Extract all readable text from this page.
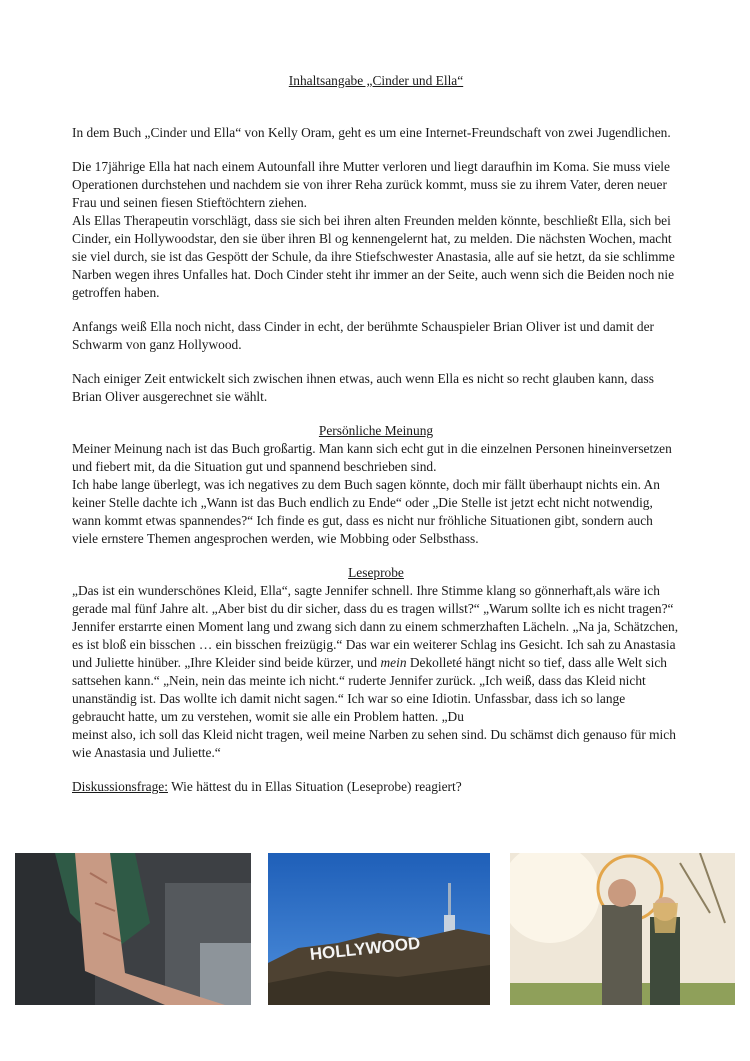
Inhaltsangabe „Cinder und Ella“

In dem Buch „Cinder und Ella“ von Kelly Oram, geht es um eine Internet-Freundschaft von zwei Jugendlichen.

Die 17jährige Ella hat nach einem Autounfall ihre Mutter verloren und liegt daraufhin im Koma. Sie muss viele Operationen durchstehen und nachdem sie von ihrer Reha zurück kommt, muss sie zu ihrem Vater, deren neuer Frau und seinen fiesen Stieftöchtern ziehen.

Als Ellas Therapeutin vorschlägt, dass sie sich bei ihren alten Freunden melden könnte, beschließt Ella, sich bei Cinder, ein Hollywoodstar, den sie über ihren Bl og kennengelernt hat, zu melden. Die nächsten Wochen, macht sie viel durch, sie ist das Gespött der Schule, da ihre Stiefschwester Anastasia, alle auf sie hetzt, da sie schlimme Narben wegen ihres Unfalles hat. Doch Cinder steht ihr immer an der Seite, auch wenn sich die Beiden noch nie getroffen haben.

Anfangs weiß Ella noch nicht, dass Cinder in echt, der berühmte Schauspieler Brian Oliver ist und damit der Schwarm von ganz Hollywood.

Nach einiger Zeit entwickelt sich zwischen ihnen etwas, auch wenn Ella es nicht so recht glauben kann, dass Brian Oliver ausgerechnet sie wählt.

Persönliche Meinung

Meiner Meinung nach ist das Buch großartig. Man kann sich echt gut in die einzelnen Personen hineinversetzen und fiebert mit, da die Situation gut und spannend beschrieben sind.

Ich habe lange überlegt, was ich negatives zu dem Buch sagen könnte, doch mir fällt überhaupt nichts ein. An keiner Stelle dachte ich „Wann ist das Buch endlich zu Ende“ oder „Die Stelle ist jetzt echt nicht notwendig, wann kommt etwas spannendes?“ Ich finde es gut, dass es nicht nur fröhliche Situationen gibt, sondern auch viele ernstere Themen angesprochen werden, wie Mobbing oder Selbsthass.

Leseprobe

„Das ist ein wunderschönes Kleid, Ella“, sagte Jennifer schnell. Ihre Stimme klang so gönnerhaft,als wäre ich gerade mal fünf Jahre alt. „Aber bist du dir sicher, dass du es tragen willst?“ „Warum sollte ich es nicht tragen?“ Jennifer erstarrte einen Moment lang und zwang sich dann zu einem schmerzhaften Lächeln. „Na ja, Schätzchen, es ist bloß ein bisschen … ein bisschen freizügig.“ Das war ein weiterer Schlag ins Gesicht. Ich sah zu Anastasia und Juliette hinüber. „Ihre Kleider sind beide kürzer, und mein Dekolleté hängt nicht so tief, dass alle Welt sich sattsehen kann.“ „Nein, nein das meinte ich nicht.“ ruderte Jennifer zurück. „Ich weiß, dass das Kleid nicht unanständig ist. Das wollte ich damit nicht sagen.“ Ich war so eine Idiotin. Unfassbar, dass ich so lange gebraucht hatte, um zu verstehen, womit sie alle ein Problem hatten. „Du
meinst also, ich soll das Kleid nicht tragen, weil meine Narben zu sehen sind. Du schämst dich genauso für mich wie Anastasia und Juliette.“

Diskussionsfrage: Wie hättest du in Ellas Situation (Leseprobe) reagiert?

HOLLYWOOD
